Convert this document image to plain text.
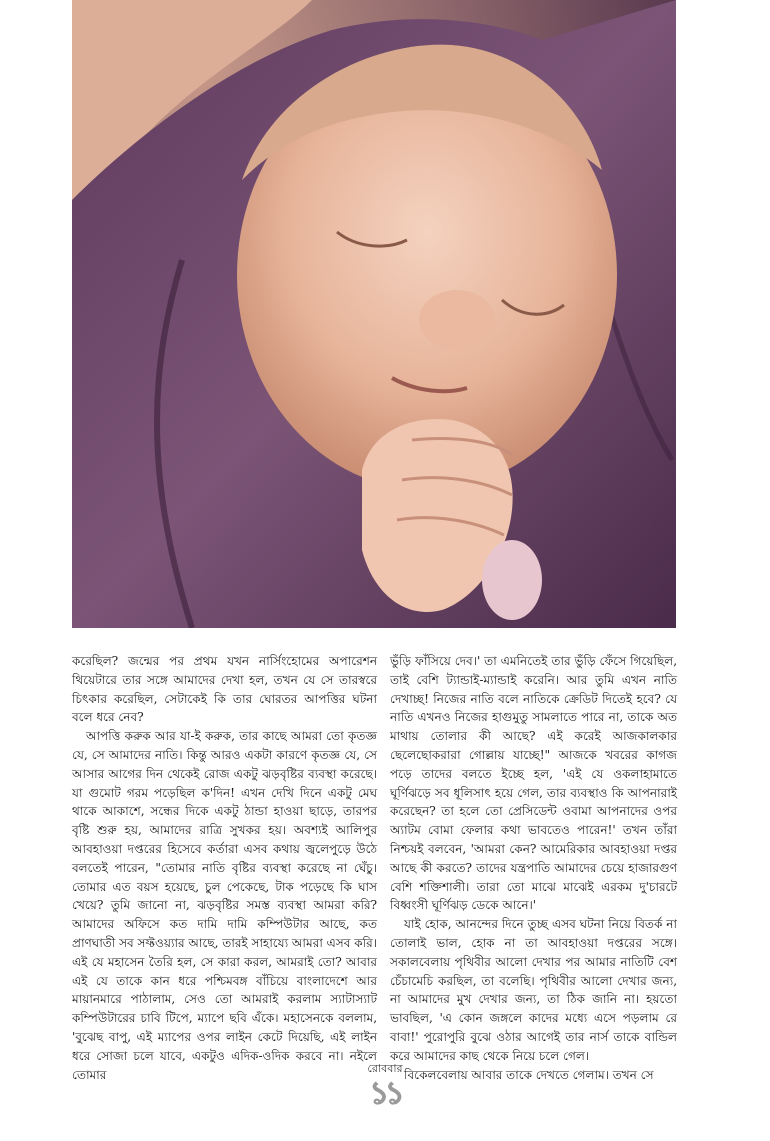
করেছিল? জন্মের পর প্রথম যখন নার্সিংহোমের অপারেশন থিয়েটারে তার সঙ্গে আমাদের দেখা হল, তখন যে সে তারস্বরে চিৎকার করেছিল, সেটাকেই কি তার ঘোরতর আপত্তির ঘটনা বলে ধরে নেব?

আপত্তি করুক আর যা-ই করুক, তার কাছে আমরা তো কৃতজ্ঞ যে, সে আমাদের নাতি। কিন্তু আরও একটা কারণে কৃতজ্ঞ যে, সে আসার আগের দিন থেকেই রোজ একটু ঝড়বৃষ্টির ব্যবস্থা করেছে। যা গুমোট গরম পড়েছিল ক'দিন! এখন দেখি দিনে একটু মেঘ থাকে আকাশে, সন্ধের দিকে একটু ঠান্ডা হাওয়া ছাড়ে, তারপর বৃষ্টি শুরু হয়, আমাদের রাত্রি সুখকর হয়। অবশ্যই আলিপুর আবহাওয়া দপ্তরের হিসেবে কর্তারা এসব কথায় জ্বলেপুড়ে উঠে বলতেই পারেন, "তোমার নাতি বৃষ্টির ব্যবস্থা করেছে না ঘেঁচু। তোমার এত বয়স হয়েছে, চুল পেকেছে, টাক পড়েছে কি ঘাস খেয়ে? তুমি জানো না, ঝড়বৃষ্টির সমস্ত ব্যবস্থা আমরা করি? আমাদের অফিসে কত দামি দামি কম্পিউটার আছে, কত প্রাণঘাতী সব সফ্টওয়্যার আছে, তারই সাহায্যে আমরা এসব করি। এই যে মহাসেন তৈরি হল, সে কারা করল, আমরাই তো? আবার এই যে তাকে কান ধরে পশ্চিমবঙ্গ বাঁচিয়ে বাংলাদেশে আর মায়ানমারে পাঠালাম, সেও তো আমরাই করলাম স্যাটাস্যাট কম্পিউটারের চাবি টিপে, ম্যাপে ছবি এঁকে। মহাসেনকে বললাম, 'বুঝেছ বাপু, এই ম্যাপের ওপর লাইন কেটে দিয়েছি, এই লাইন ধরে সোজা চলে যাবে, একটুও এদিক-ওদিক করবে না। নইলে তোমার

ভুঁড়ি ফাঁসিয়ে দেব।' তা এমনিতেই তার ভুঁড়ি ফেঁসে গিয়েছিল, তাই বেশি ট্যান্ডাই-ম্যান্ডাই করেনি। আর তুমি এখন নাতি দেখাচ্ছ! নিজের নাতি বলে নাতিকে ক্রেডিট দিতেই হবে? যে নাতি এখনও নিজের হাগুমুতু সামলাতে পারে না, তাকে অত মাথায় তোলার কী আছে? এই করেই আজকালকার ছেলেছোকরারা গোল্লায় যাচ্ছে!" আজকে খবরের কাগজ পড়ে তাদের বলতে ইচ্ছে হল, 'এই যে ওকলাহামাতে ঘূর্ণিঝড়ে সব ধূলিসাৎ হয়ে গেল, তার ব্যবস্থাও কি আপনারাই করেছেন? তা হলে তো প্রেসিডেন্ট ওবামা আপনাদের ওপর অ্যাটম বোমা ফেলার কথা ভাবতেও পারেন!' তখন তাঁরা নিশ্চয়ই বলবেন, 'আমরা কেন? আমেরিকার আবহাওয়া দপ্তর আছে কী করতে? তাদের যন্ত্রপাতি আমাদের চেয়ে হাজারগুণ বেশি শক্তিশালী। তারা তো মাঝে মাঝেই এরকম দু'চারটে বিধ্বংসী ঘূর্ণিঝড় ডেকে আনে।'

যাই হোক, আনন্দের দিনে তুচ্ছ এসব ঘটনা নিয়ে বিতর্ক না তোলাই ভাল, হোক না তা আবহাওয়া দপ্তরের সঙ্গে। সকালবেলায় পৃথিবীর আলো দেখার পর আমার নাতিটি বেশ চেঁচামেচি করছিল, তা বলেছি। পৃথিবীর আলো দেখার জন্য, না আমাদের মুখ দেখার জন্য, তা ঠিক জানি না। হয়তো ভাবছিল, 'এ কোন জঙ্গলে কাদের মধ্যে এসে পড়লাম রে বাবা!' পুরোপুরি বুঝে ওঠার আগেই তার নার্স তাকে বান্ডিল করে আমাদের কাছ থেকে নিয়ে চলে গেল।

বিকেলবেলায় আবার তাকে দেখতে গেলাম। তখন সে

রোববার
১১
